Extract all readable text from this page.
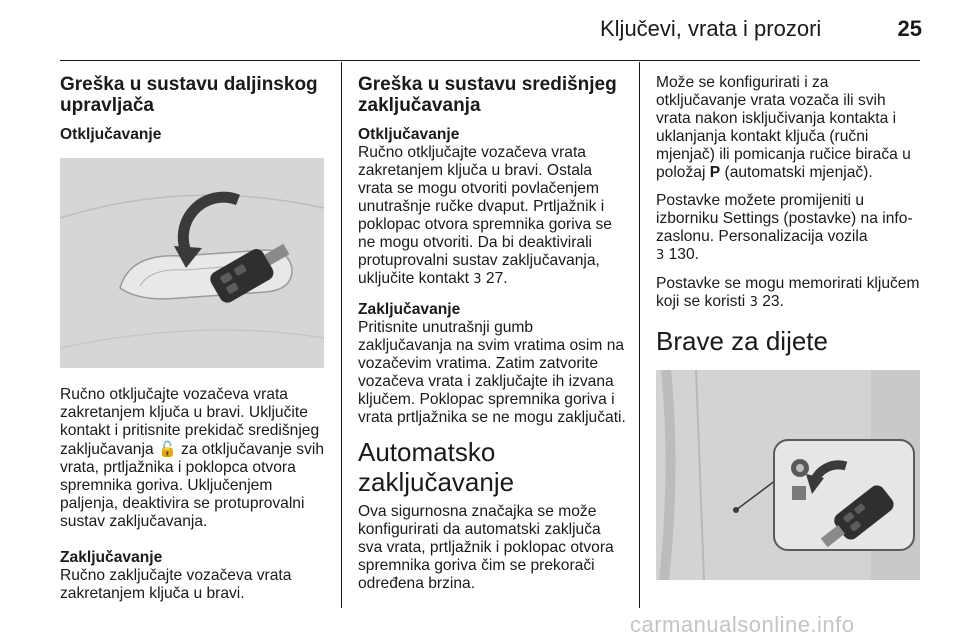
Ključevi, vrata i prozori	25
Greška u sustavu daljinskog upravljača

Otključavanje

Ručno otključajte vozačeva vrata zakretanjem ključa u bravi. Uključite kontakt i pritisnite prekidač središnjeg zaključavanja 🔓 za otključavanje svih vrata, prtljažnika i poklopca otvora spremnika goriva. Uključenjem paljenja, deaktivira se protuprovalni sustav zaključavanja.

Zaključavanje

Ručno zaključajte vozačeva vrata zakretanjem ključa u bravi.

Greška u sustavu središnjeg zaključavanja

Otključavanje

Ručno otključajte vozačeva vrata zakretanjem ključa u bravi. Ostala vrata se mogu otvoriti povlačenjem unutrašnje ručke dvaput. Prtljažnik i poklopac otvora spremnika goriva se ne mogu otvoriti. Da bi deaktivirali protuprovalni sustav zaključavanja, uključite kontakt 3 27.

Zaključavanje

Pritisnite unutrašnji gumb zaključavanja na svim vratima osim na vozačevim vratima. Zatim zatvorite vozačeva vrata i zaključajte ih izvana ključem. Poklopac spremnika goriva i vrata prtljažnika se ne mogu zaključati.

Automatsko zaključavanje

Ova sigurnosna značajka se može konfigurirati da automatski zaključa sva vrata, prtljažnik i poklopac otvora spremnika goriva čim se prekorači određena brzina.

Može se konfigurirati i za otključavanje vrata vozača ili svih vrata nakon isključivanja kontakta i uklanjanja kontakt ključa (ručni mjenjač) ili pomicanja ručice birača u položaj P (automatski mjenjač).

Postavke možete promijeniti u izborniku Settings (postavke) na info-zaslonu. Personalizacija vozila
3 130.

Postavke se mogu memorirati ključem koji se koristi 3 23.

Brave za dijete
carmanualsonline.info
